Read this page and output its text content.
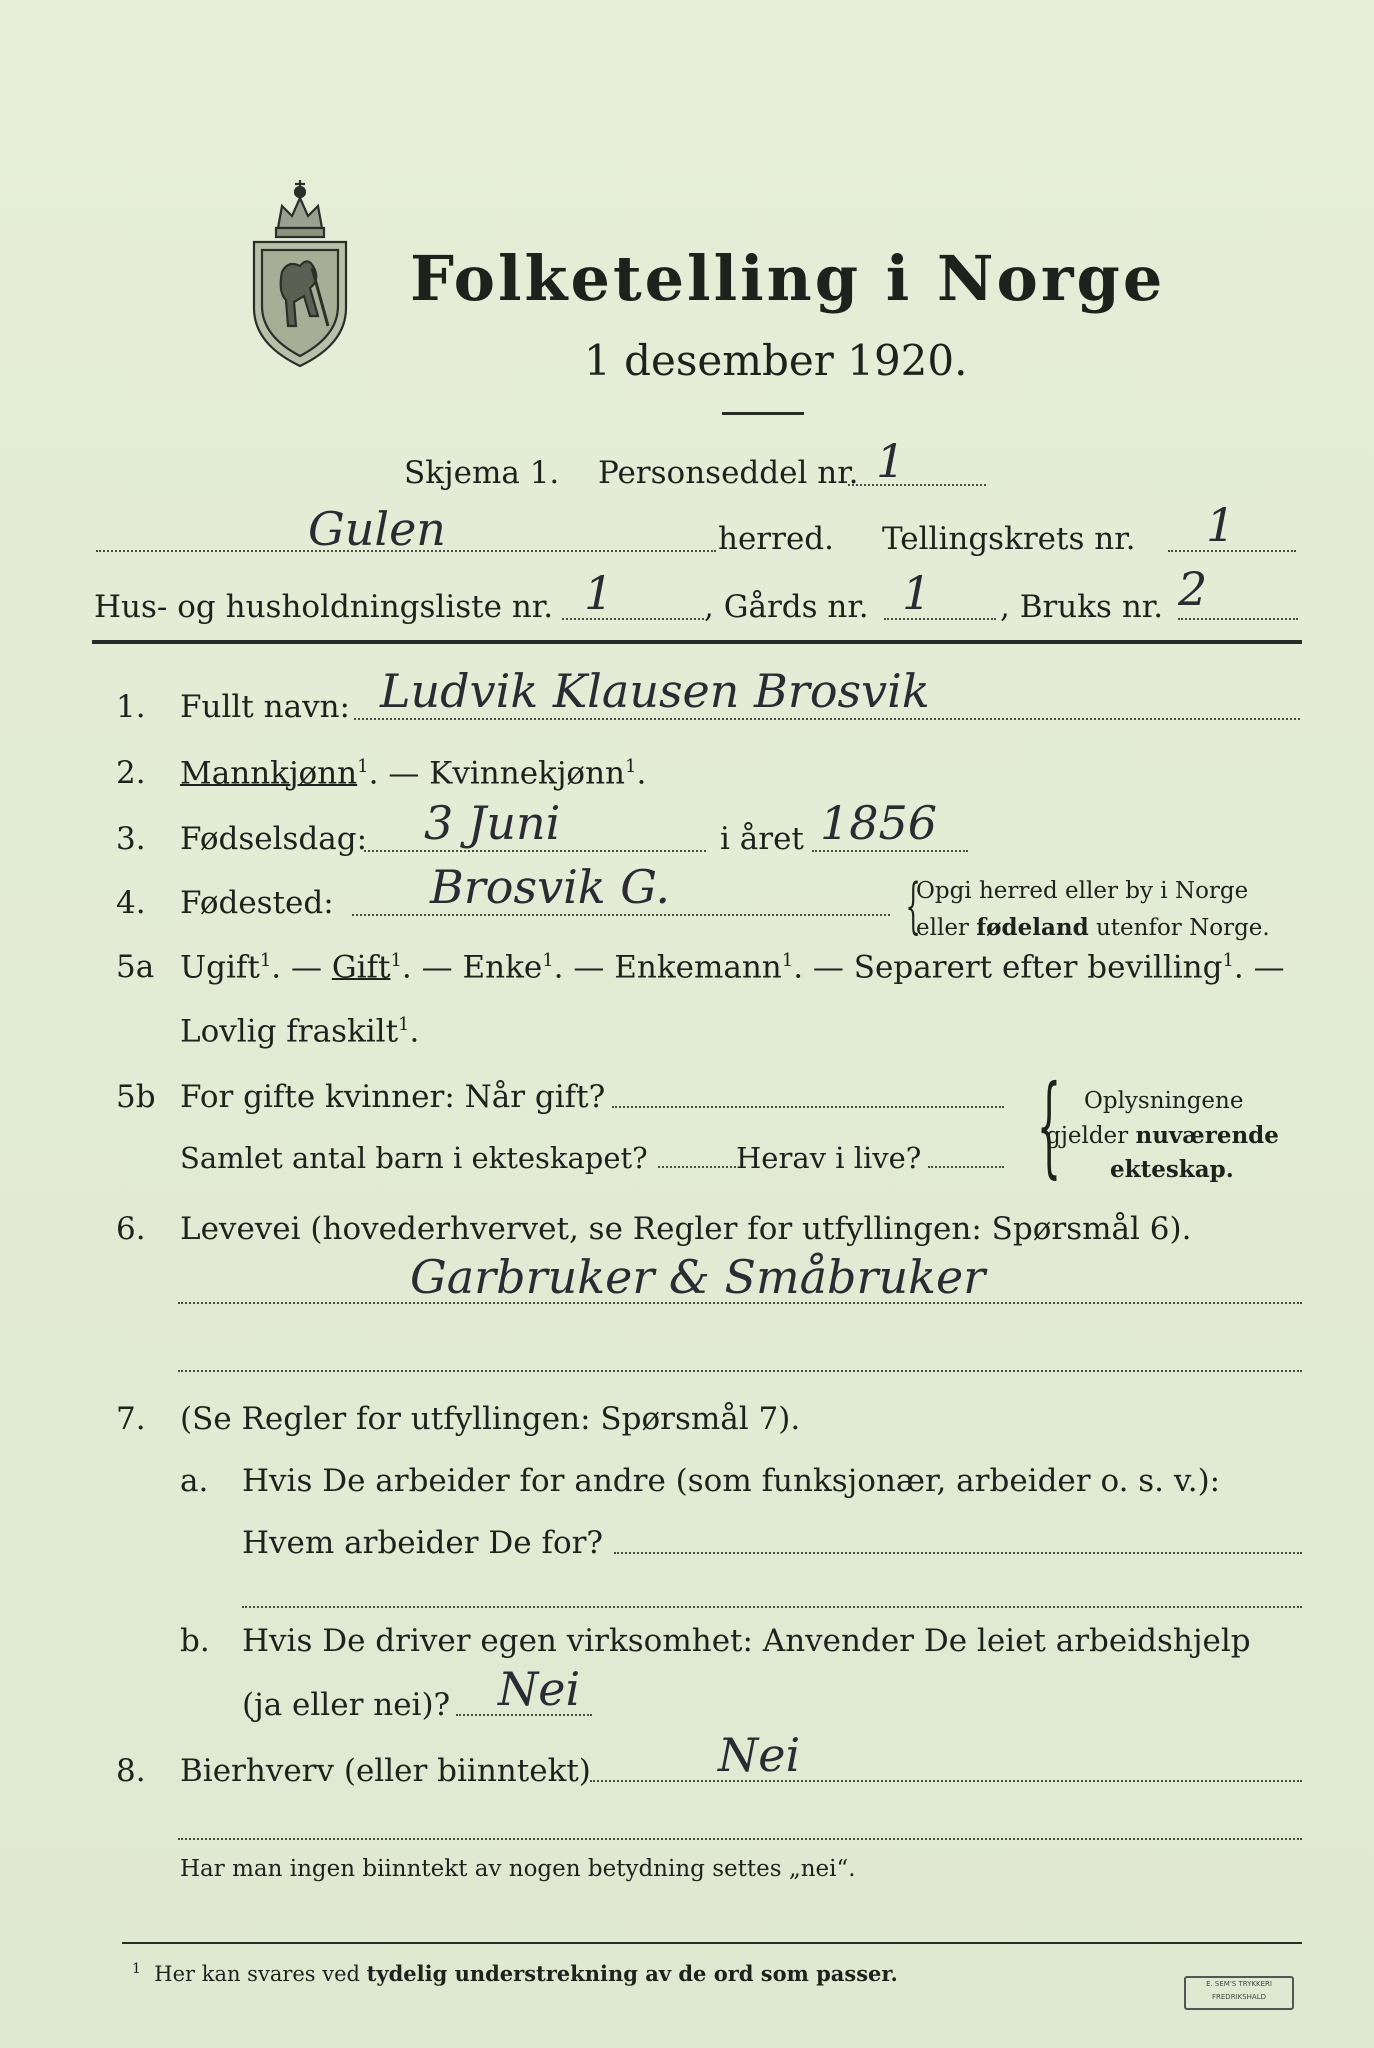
Folketelling i Norge
1 desember 1920.
Skjema 1. Personseddel nr. 1
Gulen	herred. Tellingskrets nr. 1
Hus- og husholdningsliste nr. 1	, Gårds nr. 1 , Bruks nr. 2
1. Fullt navn: Ludvik Klausen Brosvik
2. Mannkjønn$^1$. — Kvinnekjønn$^1$.
3. Fødselsdag: 3 Juni	i året 1856
4. Fødested: Brosvik G.	{
Opgi herred eller by i Norge
eller fødeland utenfor Norge.
5a Ugift$^1$. — Gift$^1$. — Enke$^1$. — Enkemann$^1$. — Separert efter bevilling$^1$. —
Lovlig fraskilt$^1$.
5b For gifte kvinner: Når gift?
Samlet antal barn i ekteskapet?	Herav i live? { Oplysningene
gjelder nuværende
ekteskap.
6. Levevei (hovederhvervet, se Regler for utfyllingen: Spørsmål 6).
Garbruker & Småbruker
7. (Se Regler for utfyllingen: Spørsmål 7).
a. Hvis De arbeider for andre (som funksjonær, arbeider o. s. v.):
Hvem arbeider De for?
b. Hvis De driver egen virksomhet: Anvender De leiet arbeidshjelp
(ja eller nei)? Nei
8. Bierhverv (eller biinntekt)	Nei
Har man ingen biinntekt av nogen betydning settes „nei“.
$^1$ Her kan svares ved tydelig understrekning av de ord som passer.	E. SEM'S TRYKKERI
FREDRIKSHALD
